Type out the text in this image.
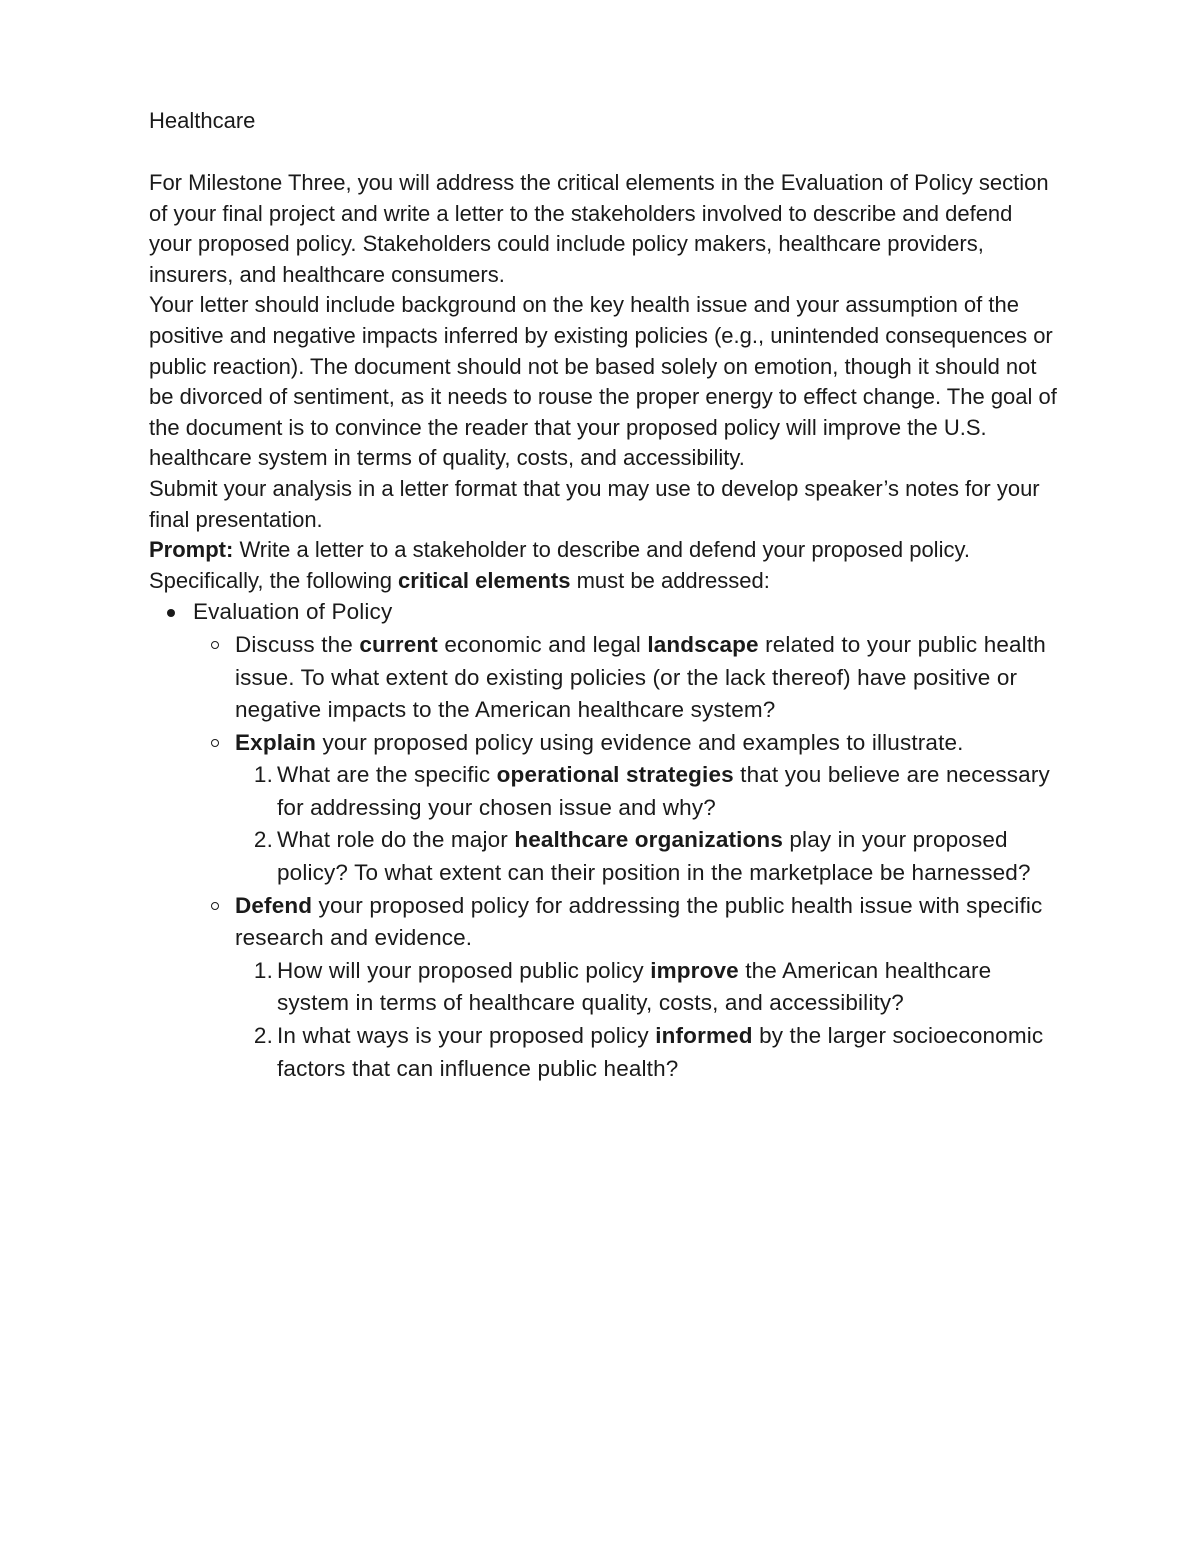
Healthcare

For Milestone Three, you will address the critical elements in the Evaluation of Policy section of your final project and write a letter to the stakeholders involved to describe and defend your proposed policy. Stakeholders could include policy makers, healthcare providers, insurers, and healthcare consumers.

Your letter should include background on the key health issue and your assumption of the positive and negative impacts inferred by existing policies (e.g., unintended consequences or public reaction). The document should not be based solely on emotion, though it should not be divorced of sentiment, as it needs to rouse the proper energy to effect change. The goal of the document is to convince the reader that your proposed policy will improve the U.S. healthcare system in terms of quality, costs, and accessibility.

Submit your analysis in a letter format that you may use to develop speaker’s notes for your final presentation.

Prompt: Write a letter to a stakeholder to describe and defend your proposed policy.

Specifically, the following critical elements must be addressed:

Evaluation of Policy
Discuss the current economic and legal landscape related to your public health issue. To what extent do existing policies (or the lack thereof) have positive or negative impacts to the American healthcare system?
Explain your proposed policy using evidence and examples to illustrate.
1. What are the specific operational strategies that you believe are necessary for addressing your chosen issue and why?
2. What role do the major healthcare organizations play in your proposed policy? To what extent can their position in the marketplace be harnessed?
Defend your proposed policy for addressing the public health issue with specific research and evidence.
1. How will your proposed public policy improve the American healthcare system in terms of healthcare quality, costs, and accessibility?
2. In what ways is your proposed policy informed by the larger socioeconomic factors that can influence public health?
